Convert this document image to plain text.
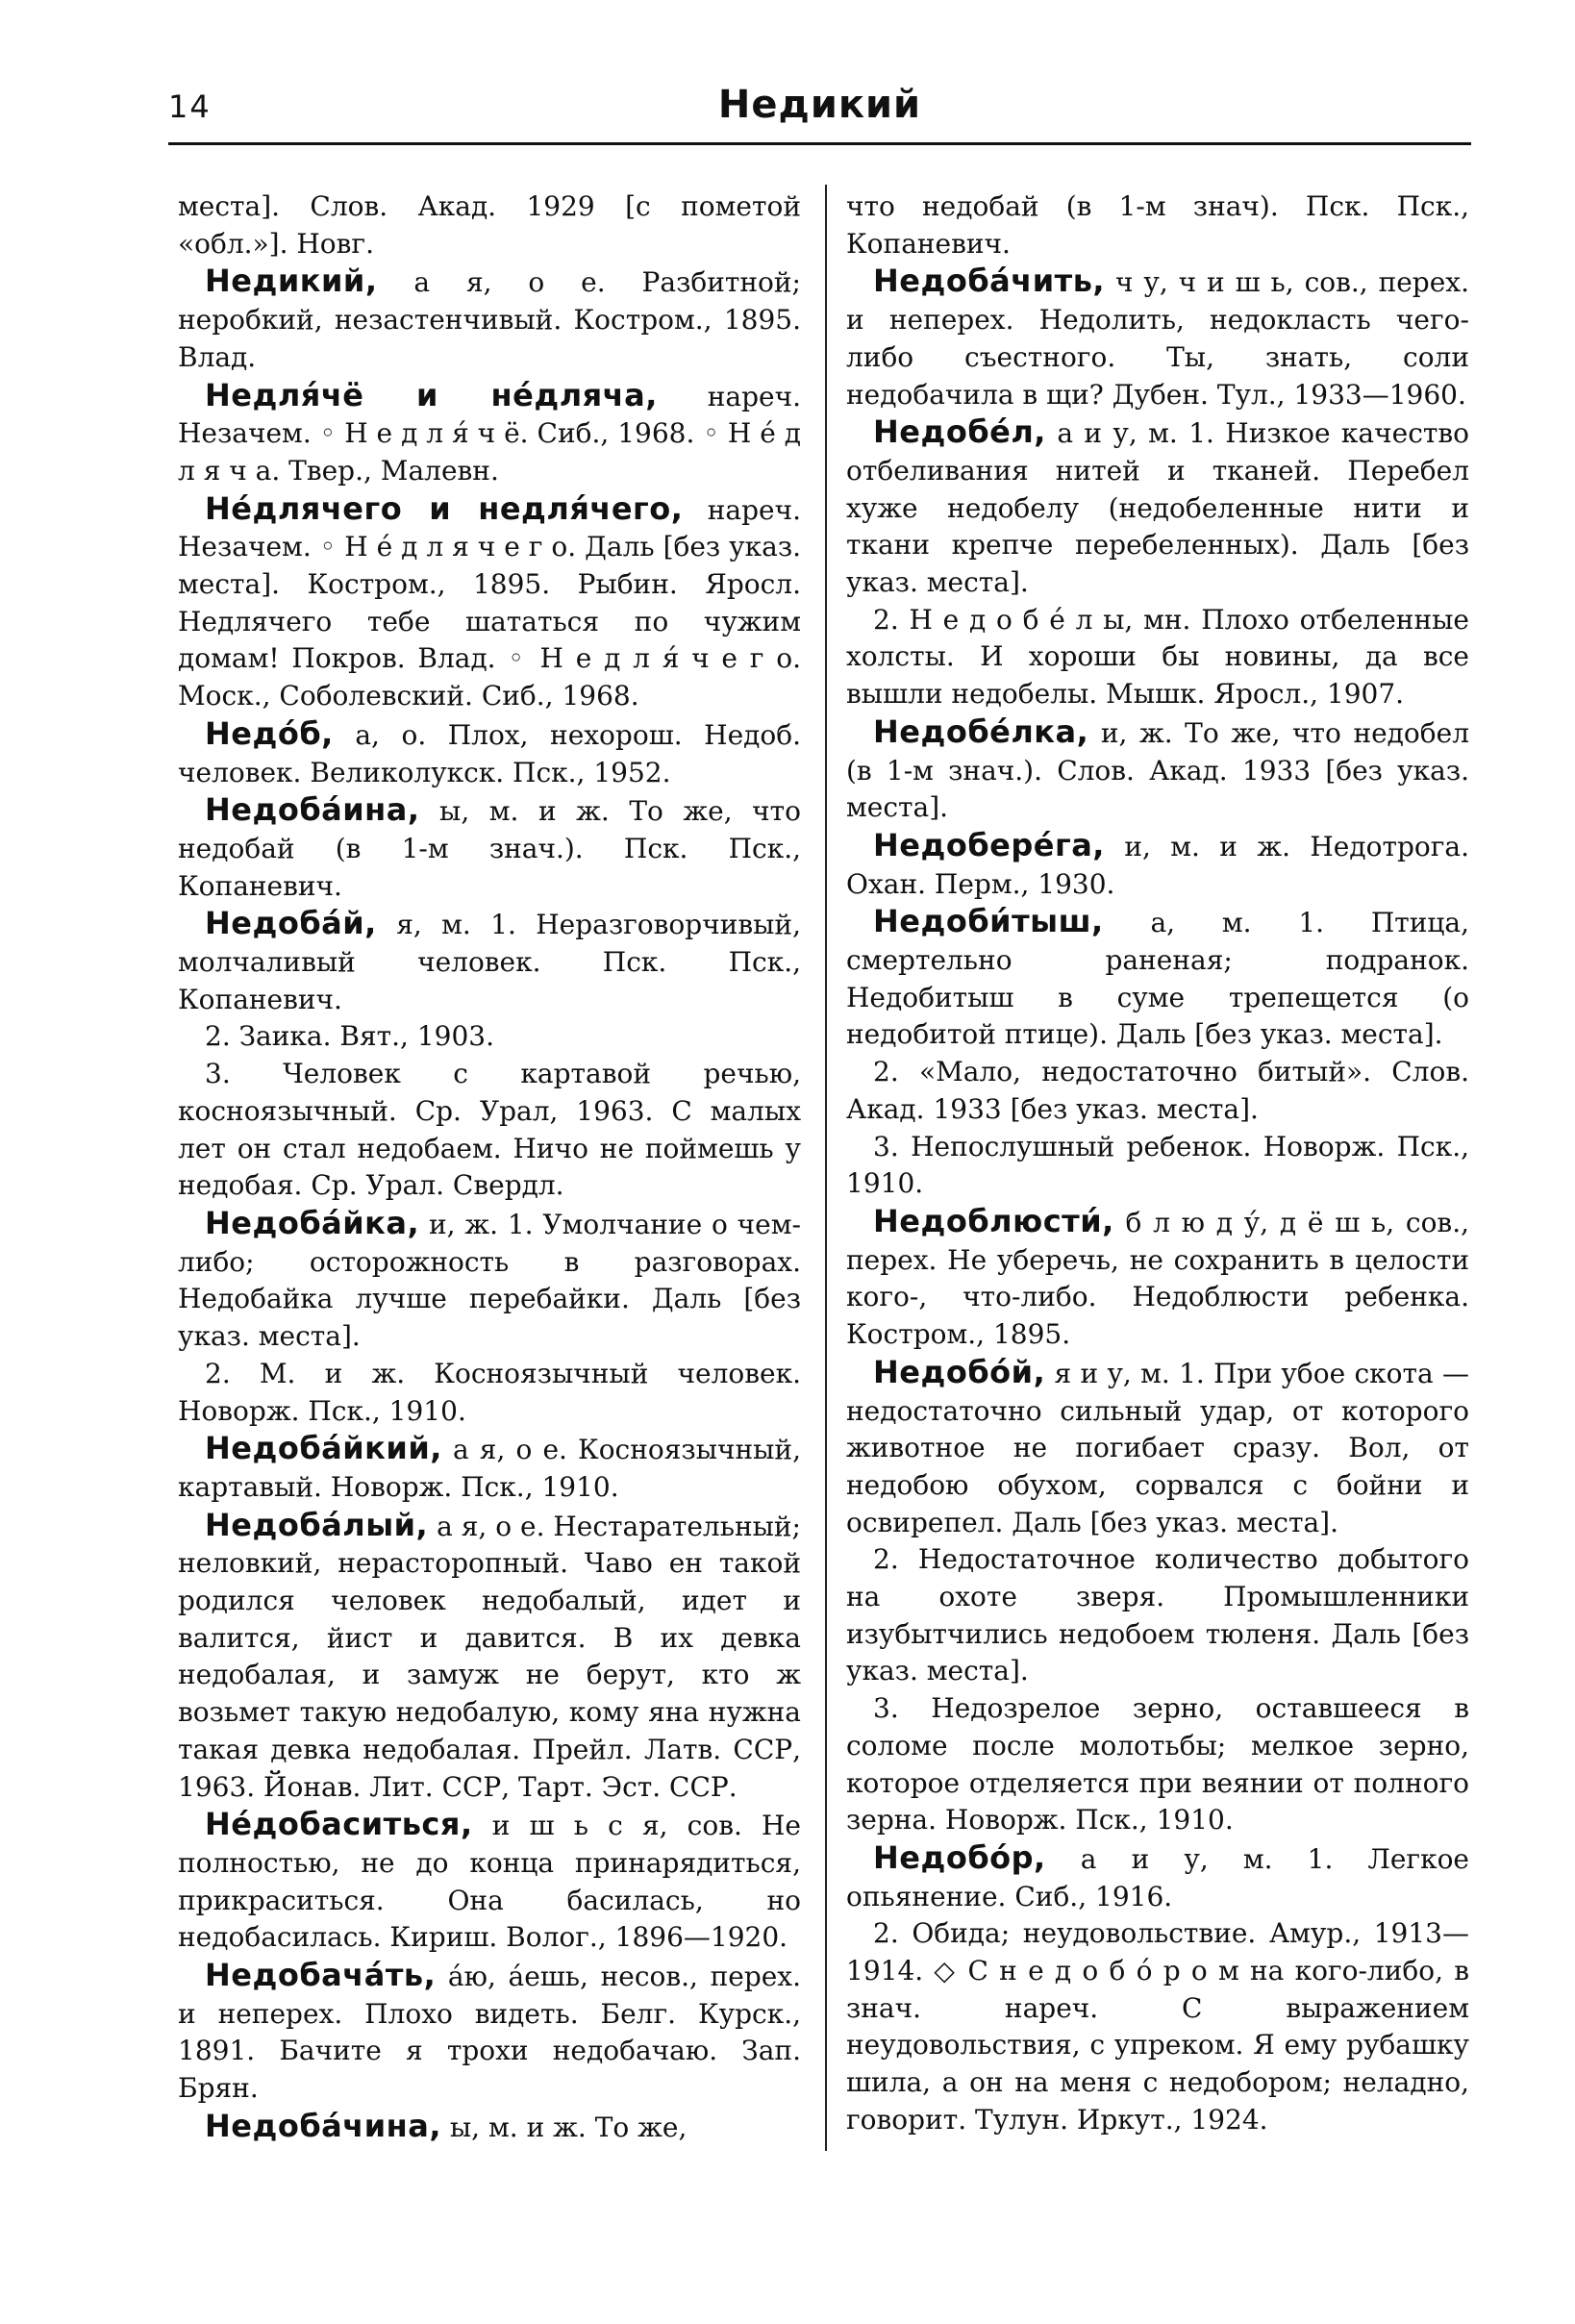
14	Недикий

места]. Слов. Акад. 1929 [с пометой «обл.»]. Новг.

Недикий, а я, о е. Разбитной; неробкий, незастенчивый. Костром., 1895. Влад.

Недля́чё и не́дляча, нареч. Незачем. ◦ Н е д л я́ ч ё. Сиб., 1968. ◦ Н е́ д л я ч а. Твер., Малевн.

Не́длячего и недля́чего, нареч. Незачем. ◦ Н е́ д л я ч е г о. Даль [без указ. места]. Костром., 1895. Рыбин. Яросл. Недлячего тебе шататься по чужим домам! Покров. Влад. ◦ Н е д л я́ ч е г о. Моск., Соболевский. Сиб., 1968.

Недо́б, а, о. Плох, нехорош. Недоб. человек. Великолукск. Пск., 1952.

Недоба́ина, ы, м. и ж. То же, что недобай (в 1-м знач.). Пск. Пск., Копаневич.

Недоба́й, я, м. 1. Неразговорчивый, молчаливый человек. Пск. Пск., Копаневич.

2. Заика. Вят., 1903.

3. Человек с картавой речью, косноязычный. Ср. Урал, 1963. С малых лет он стал недобаем. Ничо не поймешь у недобая. Ср. Урал. Свердл.

Недоба́йка, и, ж. 1. Умолчание о чем-либо; осторожность в разговорах. Недобайка лучше перебайки. Даль [без указ. места].

2. М. и ж. Косноязычный человек. Новорж. Пск., 1910.

Недоба́йкий, а я, о е. Косноязычный, картавый. Новорж. Пск., 1910.

Недоба́лый, а я, о е. Нестарательный; неловкий, нерасторопный. Чаво ен такой родился человек недобалый, идет и валится, йист и давится. В их девка недобалая, и замуж не берут, кто ж возьмет такую недобалую, кому яна нужна такая девка недобалая. Прейл. Латв. ССР, 1963. Йонав. Лит. ССР, Тарт. Эст. ССР.

Не́добаситься, и ш ь с я, сов. Не полностью, не до конца принарядиться, прикраситься. Она басилась, но недобасилась. Кириш. Волог., 1896—1920.

Недобача́ть, а́ю, а́ешь, несов., перех. и неперех. Плохо видеть. Белг. Курск., 1891. Бачите я трохи недобачаю. Зап. Брян.

Недоба́чина, ы, м. и ж. То же,

что недобай (в 1-м знач). Пск. Пск., Копаневич.

Недоба́чить, ч у, ч и ш ь, сов., перех. и неперех. Недолить, недокласть чего-либо съестного. Ты, знать, соли недобачила в щи? Дубен. Тул., 1933—1960.

Недобе́л, а и у, м. 1. Низкое качество отбеливания нитей и тканей. Перебел хуже недобелу (недобеленные нити и ткани крепче перебеленных). Даль [без указ. места].

2. Н е д о б е́ л ы, мн. Плохо отбеленные холсты. И хороши бы новины, да все вышли недобелы. Мышк. Яросл., 1907.

Недобе́лка, и, ж. То же, что недобел (в 1-м знач.). Слов. Акад. 1933 [без указ. места].

Недобере́га, и, м. и ж. Недотрога. Охан. Перм., 1930.

Недоби́тыш, а, м. 1. Птица, смертельно раненая; подранок. Недобитыш в суме трепещется (о недобитой птице). Даль [без указ. места].

2. «Мало, недостаточно битый». Слов. Акад. 1933 [без указ. места].

3. Непослушный ребенок. Новорж. Пск., 1910.

Недоблюсти́, б л ю д у́, д ё ш ь, сов., перех. Не уберечь, не сохранить в целости кого-, что-либо. Недоблюсти ребенка. Костром., 1895.

Недобо́й, я и у, м. 1. При убое скота — недостаточно сильный удар, от которого животное не погибает сразу. Вол, от недобою обухом, сорвался с бойни и освирепел. Даль [без указ. места].

2. Недостаточное количество добытого на охоте зверя. Промышленники изубытчились недобоем тюленя. Даль [без указ. места].

3. Недозрелое зерно, оставшееся в соломе после молотьбы; мелкое зерно, которое отделяется при веянии от полного зерна. Новорж. Пск., 1910.

Недобо́р, а и у, м. 1. Легкое опьянение. Сиб., 1916.

2. Обида; неудовольствие. Амур., 1913—1914. ◇ С н е д о б о́ р о м на кого-либо, в знач. нареч. С выражением неудовольствия, с упреком. Я ему рубашку шила, а он на меня с недобором; неладно, говорит. Тулун. Иркут., 1924.
